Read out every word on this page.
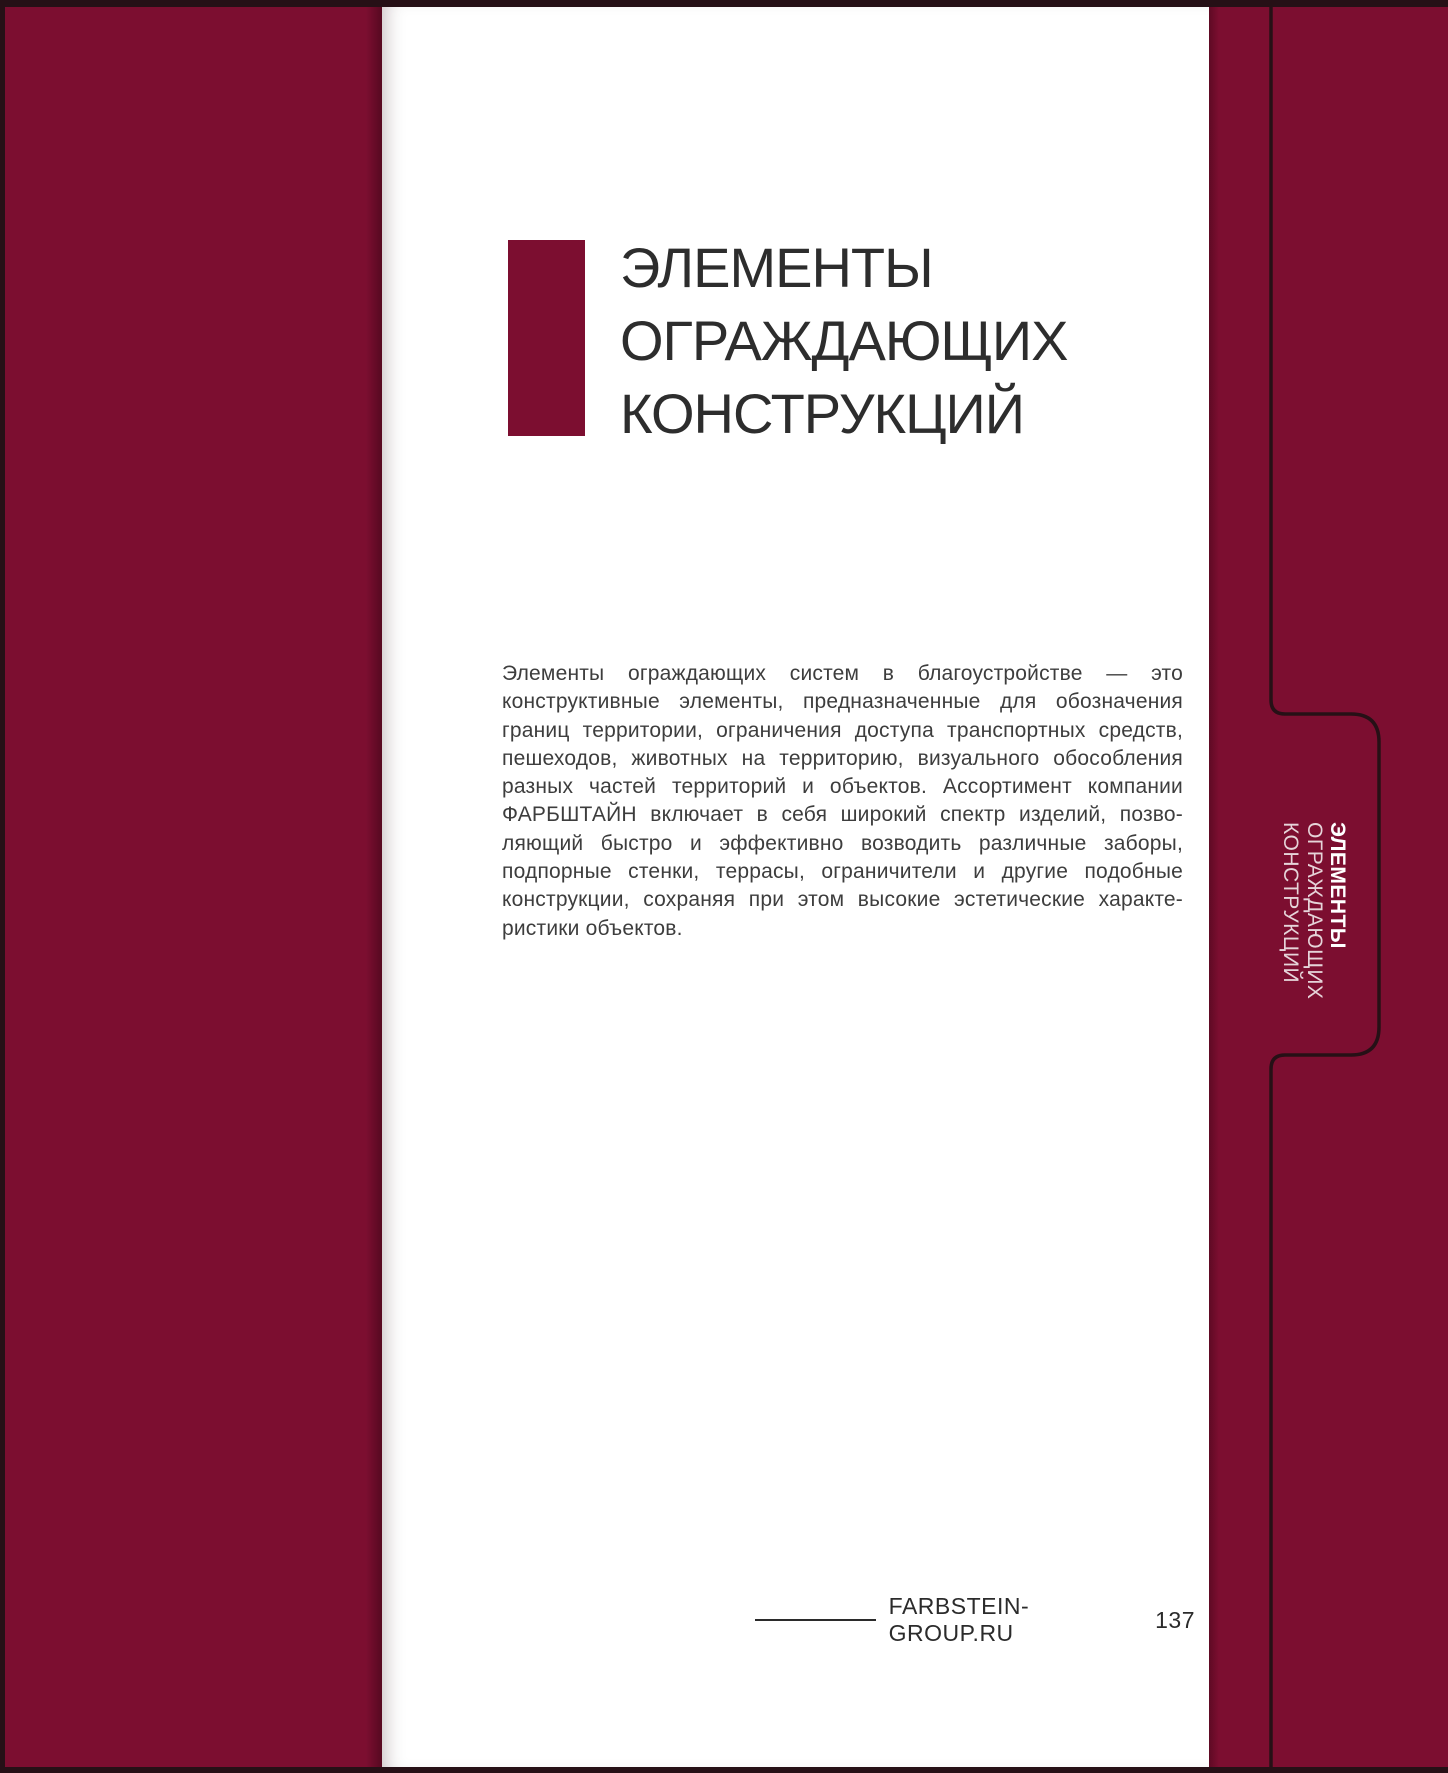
ЭЛЕМЕНТЫ
ОГРАЖДАЮЩИХ
КОНСТРУКЦИЙ
Элементы ограждающих систем в благоустройстве — это
конструктивные элементы, предназначенные для обозначения
границ территории, ограничения доступа транспортных средств,
пешеходов, животных на территорию, визуального обособления
разных частей территорий и объектов. Ассортимент компании
ФАРБШТАЙН включает в себя широкий спектр изделий, позво-
ляющий быстро и эффективно возводить различные заборы,
подпорные стенки, террасы, ограничители и другие подобные
конструкции, сохраняя при этом высокие эстетические характе-
ристики объектов.	ЭЛЕМЕНТЫ
ОГРАЖДАЮЩИХ
КОНСТРУКЦИЙ
FARBSTEIN-GROUP.RU
137
